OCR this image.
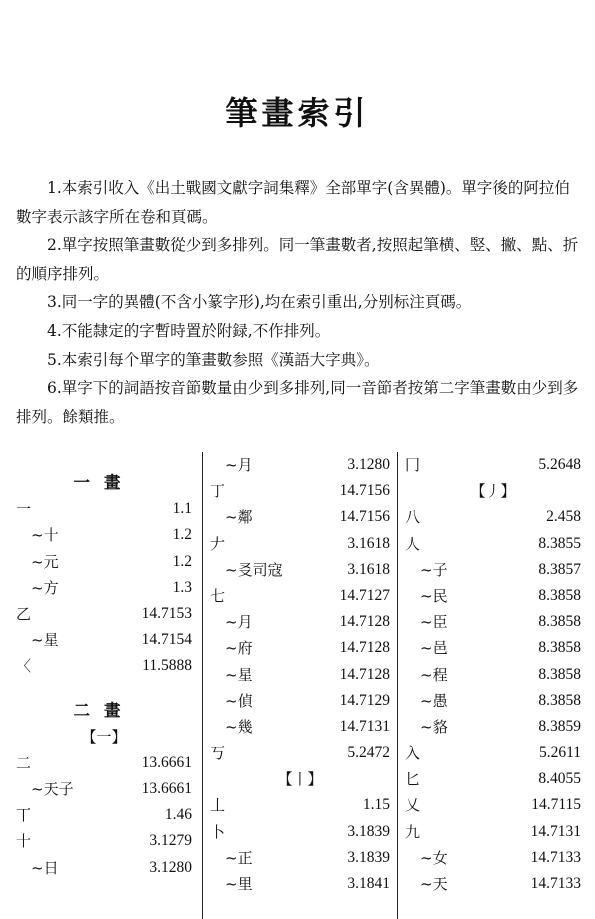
筆畫索引

1.本索引收入《出土戰國文獻字詞集釋》全部單字(含異體)。單字後的阿拉伯數字表示該字所在卷和頁碼。

2.單字按照筆畫數從少到多排列。同一筆畫數者,按照起筆横、竪、撇、點、折的順序排列。

3.同一字的異體(不含小篆字形),均在索引重出,分别标注頁碼。

4.不能隸定的字暫時置於附録,不作排列。

5.本索引每个單字的筆畫數参照《漢語大字典》。

6.單字下的詞語按音節數量由少到多排列,同一音節者按第二字筆畫數由少到多排列。餘類推。

一畫
一	1.1
~十	1.2
~元	1.2
~方	1.3
乙	14.7153
~星	14.7154
〈	11.5888
二畫
【一】
二	13.6661
~天子	13.6661
丅	1.46
十	3.1279
~日	3.1280
~月	3.1280
丁	14.7156
~鄰	14.7156
𠂇	3.1618
~㕛司寇	3.1618
七	14.7127
~月	14.7128
~府	14.7128
~星	14.7128
~偵	14.7129
~幾	14.7131
丂	5.2472
【丨】
丄	1.15
卜	3.1839
~正	3.1839
~里	3.1841
冂	5.2648
【丿】
八	2.458
人	8.3855
~子	8.3857
~民	8.3858
~臣	8.3858
~邑	8.3858
~程	8.3858
~愚	8.3858
~貉	8.3859
入	5.2611
匕	8.4055
乂	14.7115
九	14.7131
~女	14.7133
~天	14.7133
